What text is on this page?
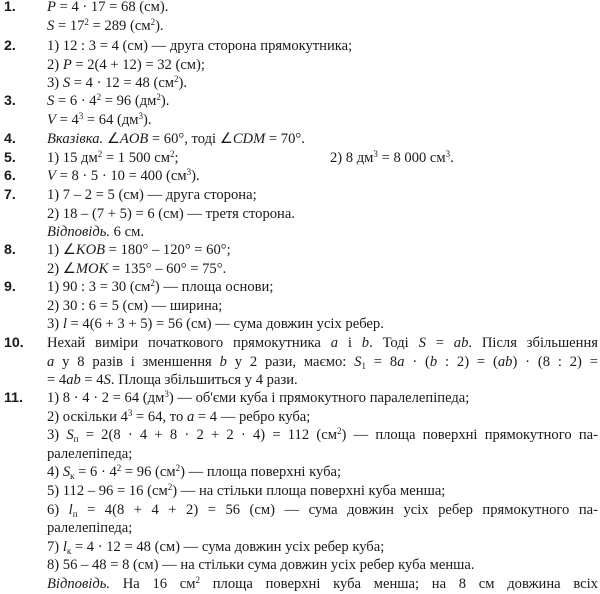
1. P = 4 · 17 = 68 (см).
$S = 17^2 = 289$ $(см^2)$.
2. 1) 12 : 3 = 4 (см) — друга сторона прямокутника;
2) P = 2(4 + 12) = 32 (см);
3) S = 4 · 12 = 48 $(см^2)$.
3. $S = 6 \cdot 4^2 = 96$ $(дм^2)$.
$V = 4^3 = 64$ $(дм^3)$.
4. Вказівка. ∠AOB = 60°, тоді ∠CDM = 70°.
5. 1) 15 $дм^2 = 1$ 500 $см^2$;	2) 8 $дм^3 = 8$ 000 $см^3$.
6. V = 8 · 5 · 10 = 400 $(см^3)$.
7. 1) 7 – 2 = 5 (см) — друга сторона;
2) 18 – (7 + 5) = 6 (см) — третя сторона.
Відповідь. 6 см.
8. 1) ∠KOB = 180° – 120° = 60°;
2) ∠MOK = 135° – 60° = 75°.
9. 1) 90 : 3 = 30 $(см^2)$ — площа основи;
2) 30 : 6 = 5 (см) — ширина;
3) l = 4(6 + 3 + 5) = 56 (см) — сума довжин усіх ребер.
10. Нехай виміри початкового прямокутника a і b. Тоді S = ab. Після збільшення
a у 8 разів і зменшення b у 2 рази, маємо: $S_1 = 8a \cdot (b$ : 2) = (ab) · (8 : 2) =
= 4ab = 4S. Площа збільшиться у 4 рази.
11. 1) 8 · 4 · 2 = 64 $(дм^3)$ — об'єми куба і прямокутного паралелепіпеда;
2) оскільки $4^3 = 64$, то a = 4 — ребро куба;
3) $S_п = 2(8 \cdot 4 + 8 \cdot 2 + 2 \cdot 4) = 112$ $(см^2)$ — площа поверхні прямокутного па-
ралелепіпеда;
4) $S_к = 6 \cdot 4^2 = 96$ $(см^2)$ — площа поверхні куба;
5) 112 – 96 = 16 $(см^2)$ — на стільки площа поверхні куба менша;
6) $l_п = 4(8 + 4 + 2) = 56$ (см) — сума довжин усіх ребер прямокутного па-
ралелепіпеда;
7) $l_к = 4 \cdot 12 = 48$ (см) — сума довжин усіх ребер куба;
8) 56 – 48 = 8 (см) — на стільки сума довжин усіх ребер куба менша.
Відповідь. На 16 $см^2$ площа поверхні куба менша; на 8 см довжина всіх
